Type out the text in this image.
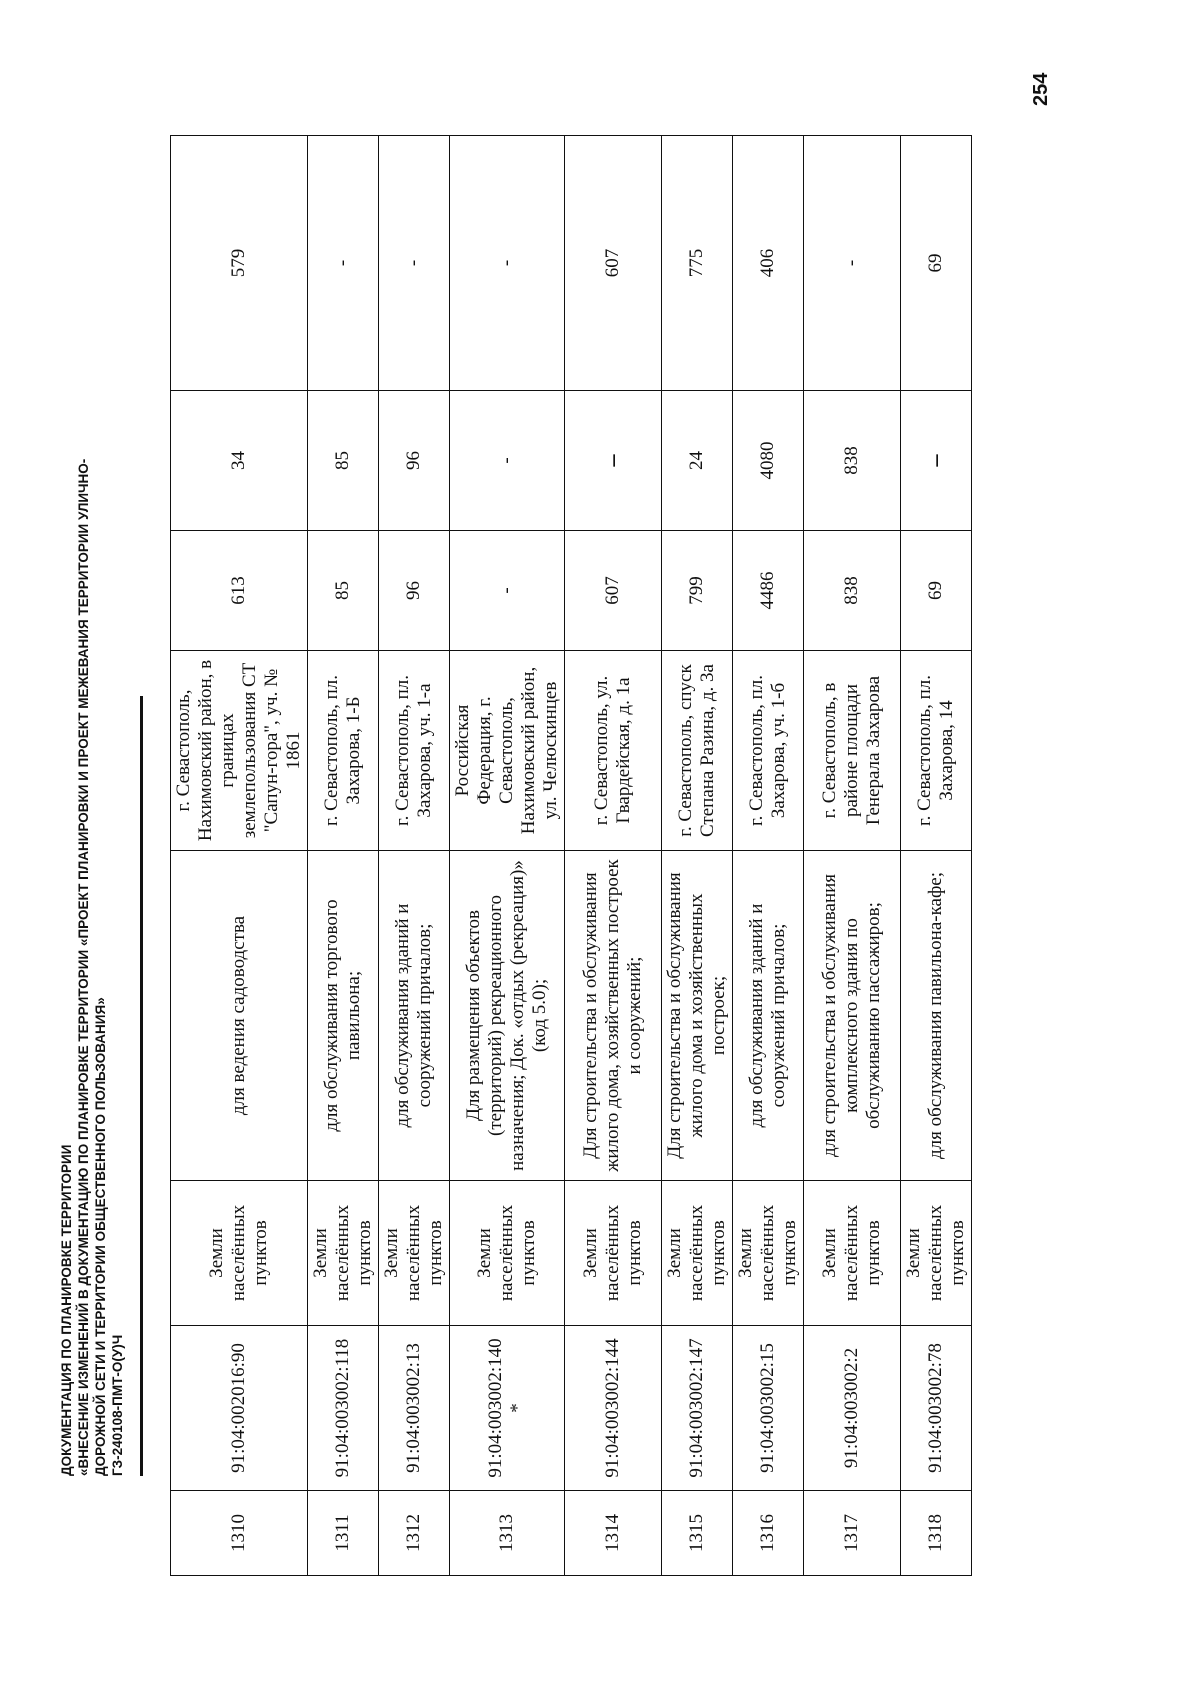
ДОКУМЕНТАЦИЯ ПО ПЛАНИРОВКЕ ТЕРРИТОРИИ «ВНЕСЕНИЕ ИЗМЕНЕНИЙ В ДОКУМЕНТАЦИЮ ПО ПЛАНИРОВКЕ ТЕРРИТОРИИ «ПРОЕКТ ПЛАНИРОВКИ И ПРОЕКТ МЕЖЕВАНИЯ ТЕРРИТОРИИ УЛИЧНО- ДОРОЖНОЙ СЕТИ И ТЕРРИТОРИИ ОБЩЕСТВЕННОГО ПОЛЬЗОВАНИЯ» ГЗ-240108-ПМТ-О(У)Ч
1310	91:04:002016:90	Земли населённых пунктов	для ведения садоводства	г. Севастополь, Нахимовский район, в границах землепользования СТ "Сапун-гора", уч. № 1861	613	34	579
1311	91:04:003002:118	Земли населённых пунктов	для обслуживания торгового павильона;	г. Севастополь, пл. Захарова, 1-Б	85	85	-
1312	91:04:003002:13	Земли населённых пунктов	для обслуживания зданий и сооружений причалов;	г. Севастополь, пл. Захарова, уч. 1-а	96	96	-
1313	91:04:003002:140 *	Земли населённых пунктов	Для размещения объектов (территорий) рекреационного назначения; Док. «отдых (рекреация)» (код 5.0);	Российская Федерация, г. Севастополь, Нахимовский район, ул. Челюскинцев	-	-	-
1314	91:04:003002:144	Земли населённых пунктов	Для строительства и обслуживания жилого дома, хозяйственных построек и сооружений;	г. Севастополь, ул. Гвардейская, д. 1а	607	–	607
1315	91:04:003002:147	Земли населённых пунктов	Для строительства и обслуживания жилого дома и хозяйственных построек;	г. Севастополь, спуск Степана Разина, д. 3а	799	24	775
1316	91:04:003002:15	Земли населённых пунктов	для обслуживания зданий и сооружений причалов;	г. Севастополь, пл. Захарова, уч. 1-б	4486	4080	406
1317	91:04:003002:2	Земли населённых пунктов	для строительства и обслуживания комплексного здания по обслуживанию пассажиров;	г. Севастополь, в районе площади Генерала Захарова	838	838	-
1318	91:04:003002:78	Земли населённых пунктов	для обслуживания павильона-кафе;	г. Севастополь, пл. Захарова, 14	69	–	69
254
